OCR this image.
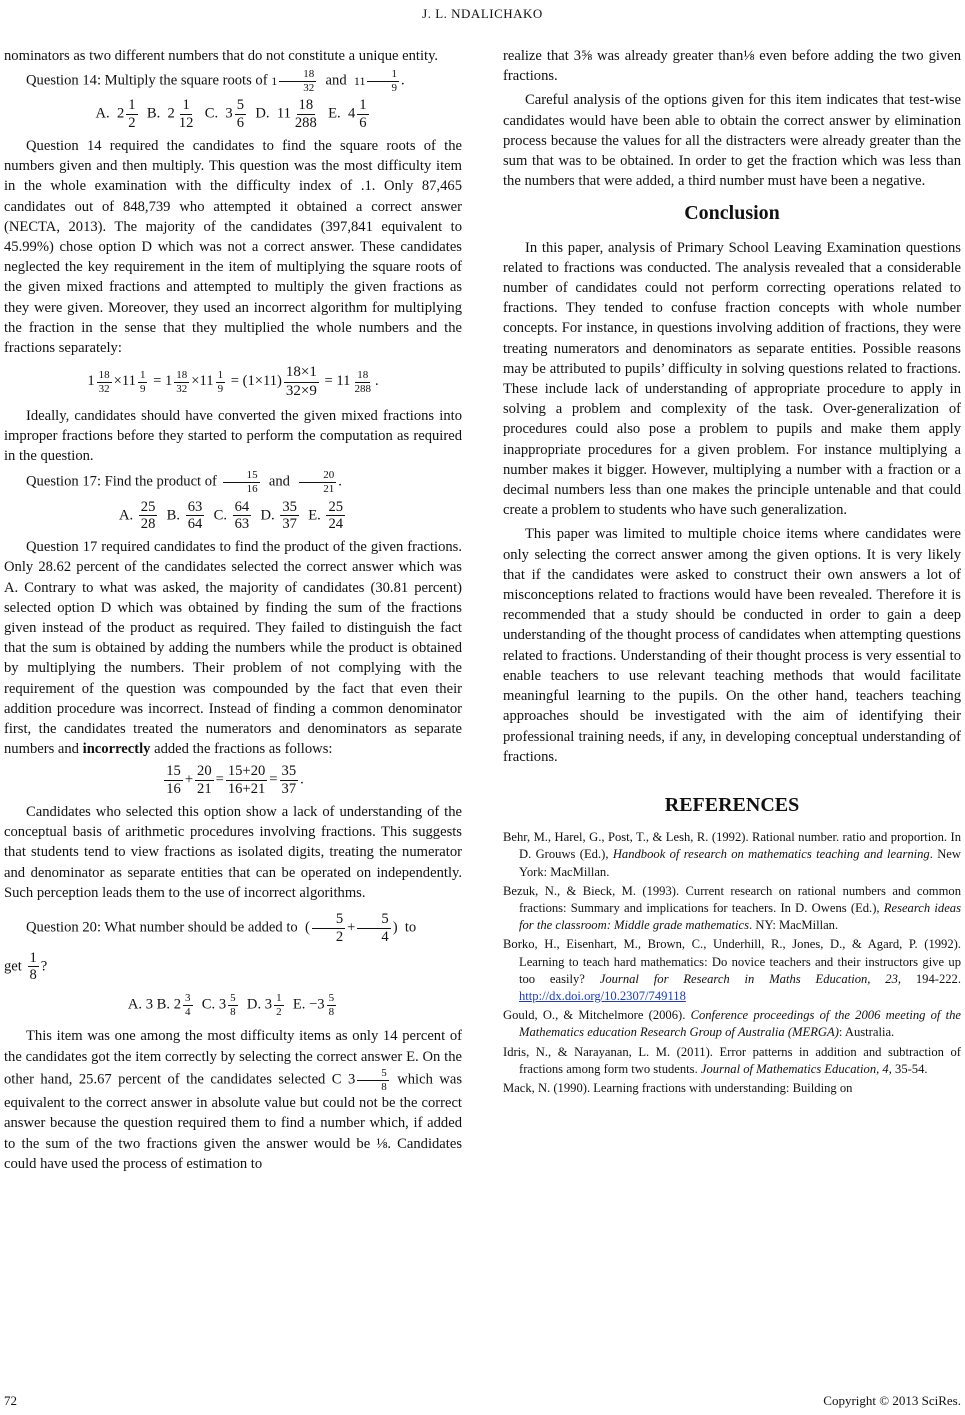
J. L. NDALICHAKO

nominators as two different numbers that do not constitute a unique entity.

Question 14: Multiply the square roots of $1 \frac{18}{32}$ and $11 \frac{1}{9}$ .

A.  $2 \frac{1}{2} B$.  $2 \frac{1}{12} C$.  $3 \frac{5}{6} D$.  $11 \frac{18}{288} E$.  $4 \frac{1}{6}$

Question 14 required the candidates to find the square roots of the numbers given and then multiply. This question was the most difficulty item in the whole examination with the difficulty index of .1. Only 87,465 candidates out of 848,739 who attempted it obtained a correct answer (NECTA, 2013). The majority of the candidates (397,841 equivalent to 45.99%) chose option D which was not a correct answer. These candidates neglected the key requirement in the item of multiplying the square roots of the given mixed fractions and attempted to multiply the given fractions as they were given. Moreover, they used an incorrect algorithm for multiplying the fraction in the sense that they multiplied the whole numbers and the fractions separately:

$1 \frac{18}{32} \times 11 \frac{1}{9} = 1 \frac{18}{32} \times 11 \frac{1}{9} = (1\times 11) \frac{18\times 1}{32\times 9} = 11 \frac{18}{288}$ .

Ideally, candidates should have converted the given mixed fractions into improper fractions before they started to perform the computation as required in the question.

Question 17: Find the product of $\frac{15}{16}$ and $\frac{20}{21}$ .

A. $\frac{25}{28} B$. $\frac{63}{64} C$. $\frac{64}{63} D$. $\frac{35}{37} E$. $\frac{25}{24}$

Question 17 required candidates to find the product of the given fractions. Only 28.62 percent of the candidates selected the correct answer which was A. Contrary to what was asked, the majority of candidates (30.81 percent) selected option D which was obtained by finding the sum of the fractions given instead of the product as required. They failed to distinguish the fact that the sum is obtained by adding the numbers while the product is obtained by multiplying the numbers. Their problem of not complying with the requirement of the question was compounded by the fact that even their addition procedure was incorrect. Instead of finding a common denominator first, the candidates treated the numerators and denominators as separate numbers and incorrectly added the fractions as follows:

$\frac{15}{16} + \frac{20}{21} = \frac{15+20}{16+21} = \frac{35}{37}$ .

Candidates who selected this option show a lack of understanding of the conceptual basis of arithmetic procedures involving fractions. This suggests that students tend to view fractions as isolated digits, treating the numerator and denominator as separate entities that can be operated on independently. Such perception leads them to the use of incorrect algorithms.

Question 20: What number should be added to  ( $\frac{5}{2} + \frac{5}{4}$ )  to

get $\frac{1}{8}$ ?

A. 3 B. $2 \frac{3}{4} C$. $3 \frac{5}{8} D$. $3 \frac{1}{2} E$. $-3 \frac{5}{8}$

This item was one among the most difficulty items as only 14 percent of the candidates got the item correctly by selecting the correct answer E. On the other hand, 25.67 percent of the candidates selected C $3 \frac{5}{8}$ which was equivalent to the correct answer in absolute value but could not be the correct answer because the question required them to find a number which, if added to the sum of the two fractions given the answer would be ⅛. Candidates could have used the process of estimation to

realize that 3⅝ was already greater than⅛ even before adding the two given fractions.

Careful analysis of the options given for this item indicates that test-wise candidates would have been able to obtain the correct answer by elimination process because the values for all the distracters were already greater than the sum that was to be obtained. In order to get the fraction which was less than the numbers that were added, a third number must have been a negative.

Conclusion

In this paper, analysis of Primary School Leaving Examination questions related to fractions was conducted. The analysis revealed that a considerable number of candidates could not perform correcting operations related to fractions. They tended to confuse fraction concepts with whole number concepts. For instance, in questions involving addition of fractions, they were treating numerators and denominators as separate entities. Possible reasons may be attributed to pupils’ difficulty in solving questions related to fractions. These include lack of understanding of appropriate procedure to apply in solving a problem and complexity of the task. Over-generalization of procedures could also pose a problem to pupils and make them apply inappropriate procedures for a given problem. For instance multiplying a number makes it bigger. However, multiplying a number with a fraction or a decimal numbers less than one makes the principle untenable and that could create a problem to students who have such generalization.

This paper was limited to multiple choice items where candidates were only selecting the correct answer among the given options. It is very likely that if the candidates were asked to construct their own answers a lot of misconceptions related to fractions would have been revealed. Therefore it is recommended that a study should be conducted in order to gain a deep understanding of the thought process of candidates when attempting questions related to fractions. Understanding of their thought process is very essential to enable teachers to use relevant teaching methods that would facilitate meaningful learning to the pupils. On the other hand, teachers teaching approaches should be investigated with the aim of identifying their professional training needs, if any, in developing conceptual understanding of fractions.

REFERENCES
Behr, M., Harel, G., Post, T., & Lesh, R. (1992). Rational number. ratio and proportion. In D. Grouws (Ed.), Handbook of research on mathematics teaching and learning. New York: MacMillan.
Bezuk, N., & Bieck, M. (1993). Current research on rational numbers and common fractions: Summary and implications for teachers. In D. Owens (Ed.), Research ideas for the classroom: Middle grade mathematics. NY: MacMillan.
Borko, H., Eisenhart, M., Brown, C., Underhill, R., Jones, D., & Agard, P. (1992). Learning to teach hard mathematics: Do novice teachers and their instructors give up too easily? Journal for Research in Maths Education, 23, 194-222. http://dx.doi.org/10.2307/749118
Gould, O., & Mitchelmore (2006). Conference proceedings of the 2006 meeting of the Mathematics education Research Group of Australia (MERGA): Australia.
Idris, N., & Narayanan, L. M. (2011). Error patterns in addition and subtraction of fractions among form two students. Journal of Mathematics Education, 4, 35-54.
Mack, N. (1990). Learning fractions with understanding: Building on
72	Copyright © 2013 SciRes.
